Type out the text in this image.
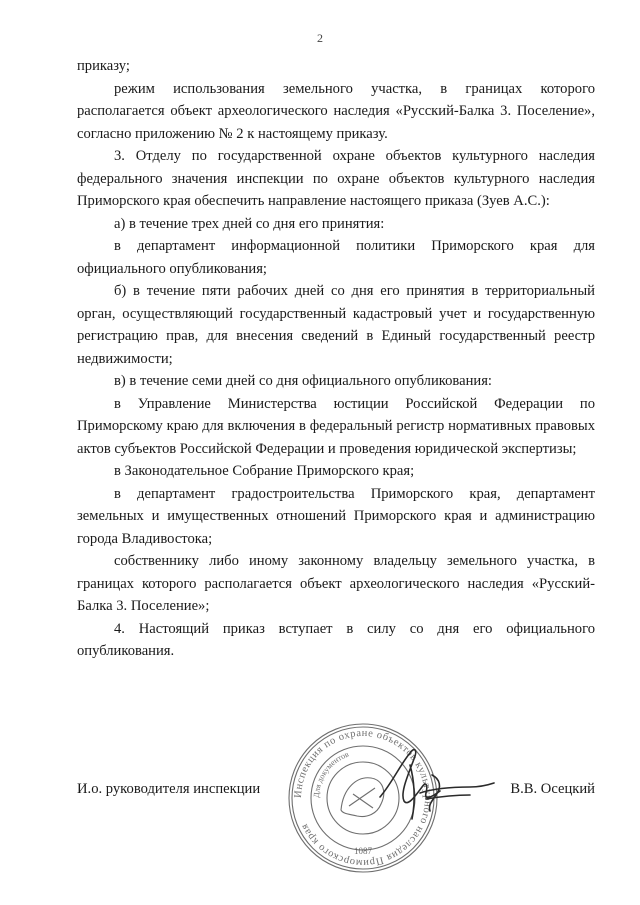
2

приказу;

режим использования земельного участка, в границах которого располагается объект археологического наследия «Русский-Балка 3. Поселение», согласно приложению № 2 к настоящему приказу.

3. Отделу по государственной охране объектов культурного наследия федерального значения инспекции по охране объектов культурного наследия Приморского края обеспечить направление настоящего приказа (Зуев А.С.):

а) в течение трех дней со дня его принятия:

в департамент информационной политики Приморского края для официального опубликования;

б) в течение пяти рабочих дней со дня его принятия в территориальный орган, осуществляющий государственный кадастровый учет и государственную регистрацию прав, для внесения сведений в Единый государственный реестр недвижимости;

в) в течение семи дней со дня официального опубликования:

в Управление Министерства юстиции Российской Федерации по Приморскому краю для включения в федеральный регистр нормативных правовых актов субъектов Российской Федерации и проведения юридической экспертизы;

в Законодательное Собрание Приморского края;

в департамент градостроительства Приморского края, департамент земельных и имущественных отношений Приморского края и администрацию города Владивостока;

собственнику либо иному законному владельцу земельного участка, в границах которого располагается объект археологического наследия «Русский-Балка 3. Поселение»;

4. Настоящий приказ вступает в силу со дня его официального опубликования.

И.о. руководителя инспекции	В.В. Осецкий
Инспекция по охране объектов культурного наследия Приморского края
Для документов
1087
